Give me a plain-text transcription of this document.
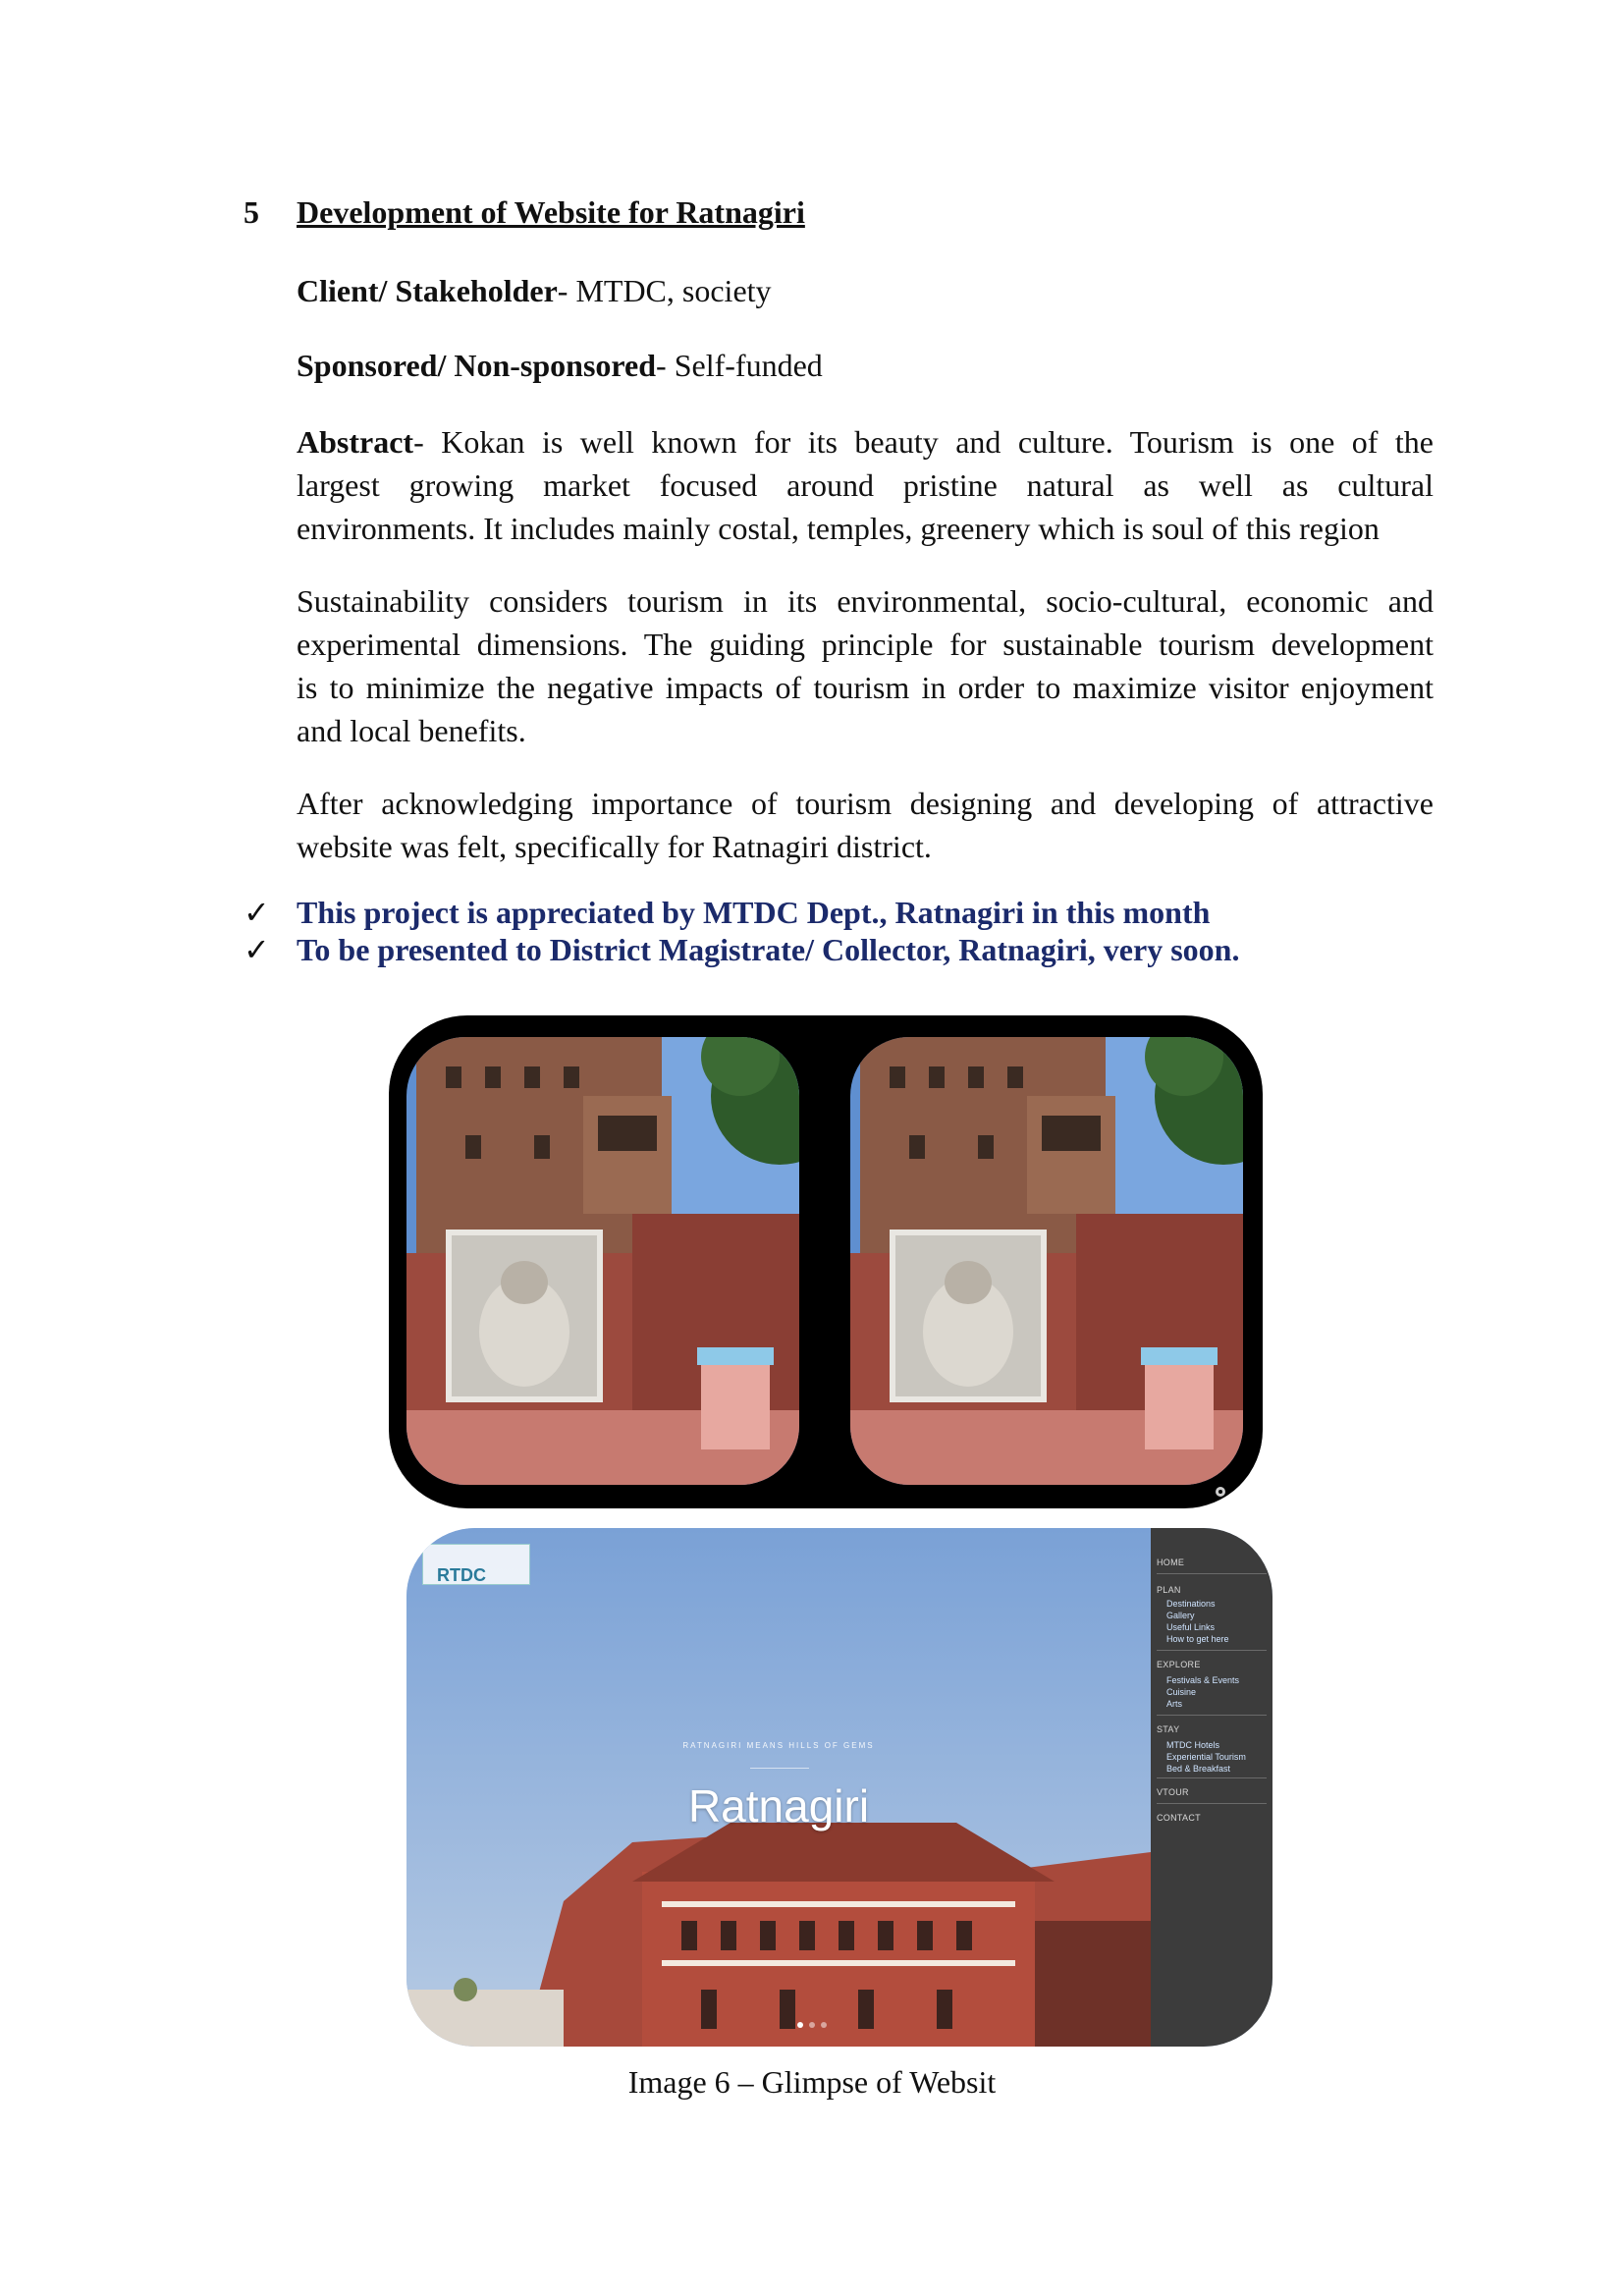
5 Development of Website for Ratnagiri
Client/ Stakeholder- MTDC, society
Sponsored/ Non-sponsored- Self-funded
Abstract- Kokan is well known for its beauty and culture. Tourism is one of the
largest growing market focused around pristine natural as well as cultural
environments. It includes mainly costal, temples, greenery which is soul of this region
Sustainability considers tourism in its environmental, socio-cultural, economic and
experimental dimensions. The guiding principle for sustainable tourism development
is to minimize the negative impacts of tourism in order to maximize visitor enjoyment
and local benefits.
After acknowledging importance of tourism designing and developing of attractive
website was felt, specifically for Ratnagiri district.
✓ This project is appreciated by MTDC Dept., Ratnagiri in this month
✓ To be presented to District Magistrate/ Collector, Ratnagiri, very soon.
RTDC
RATNAGIRI MEANS HILLS OF GEMS
Ratnagiri
HOME
PLAN
Destinations
Gallery
Useful Links
How to get here
EXPLORE
Festivals & Events
Cuisine
Arts
STAY
MTDC Hotels
Experiential Tourism
Bed & Breakfast
VTOUR
CONTACT
Image 6 – Glimpse of Websit
